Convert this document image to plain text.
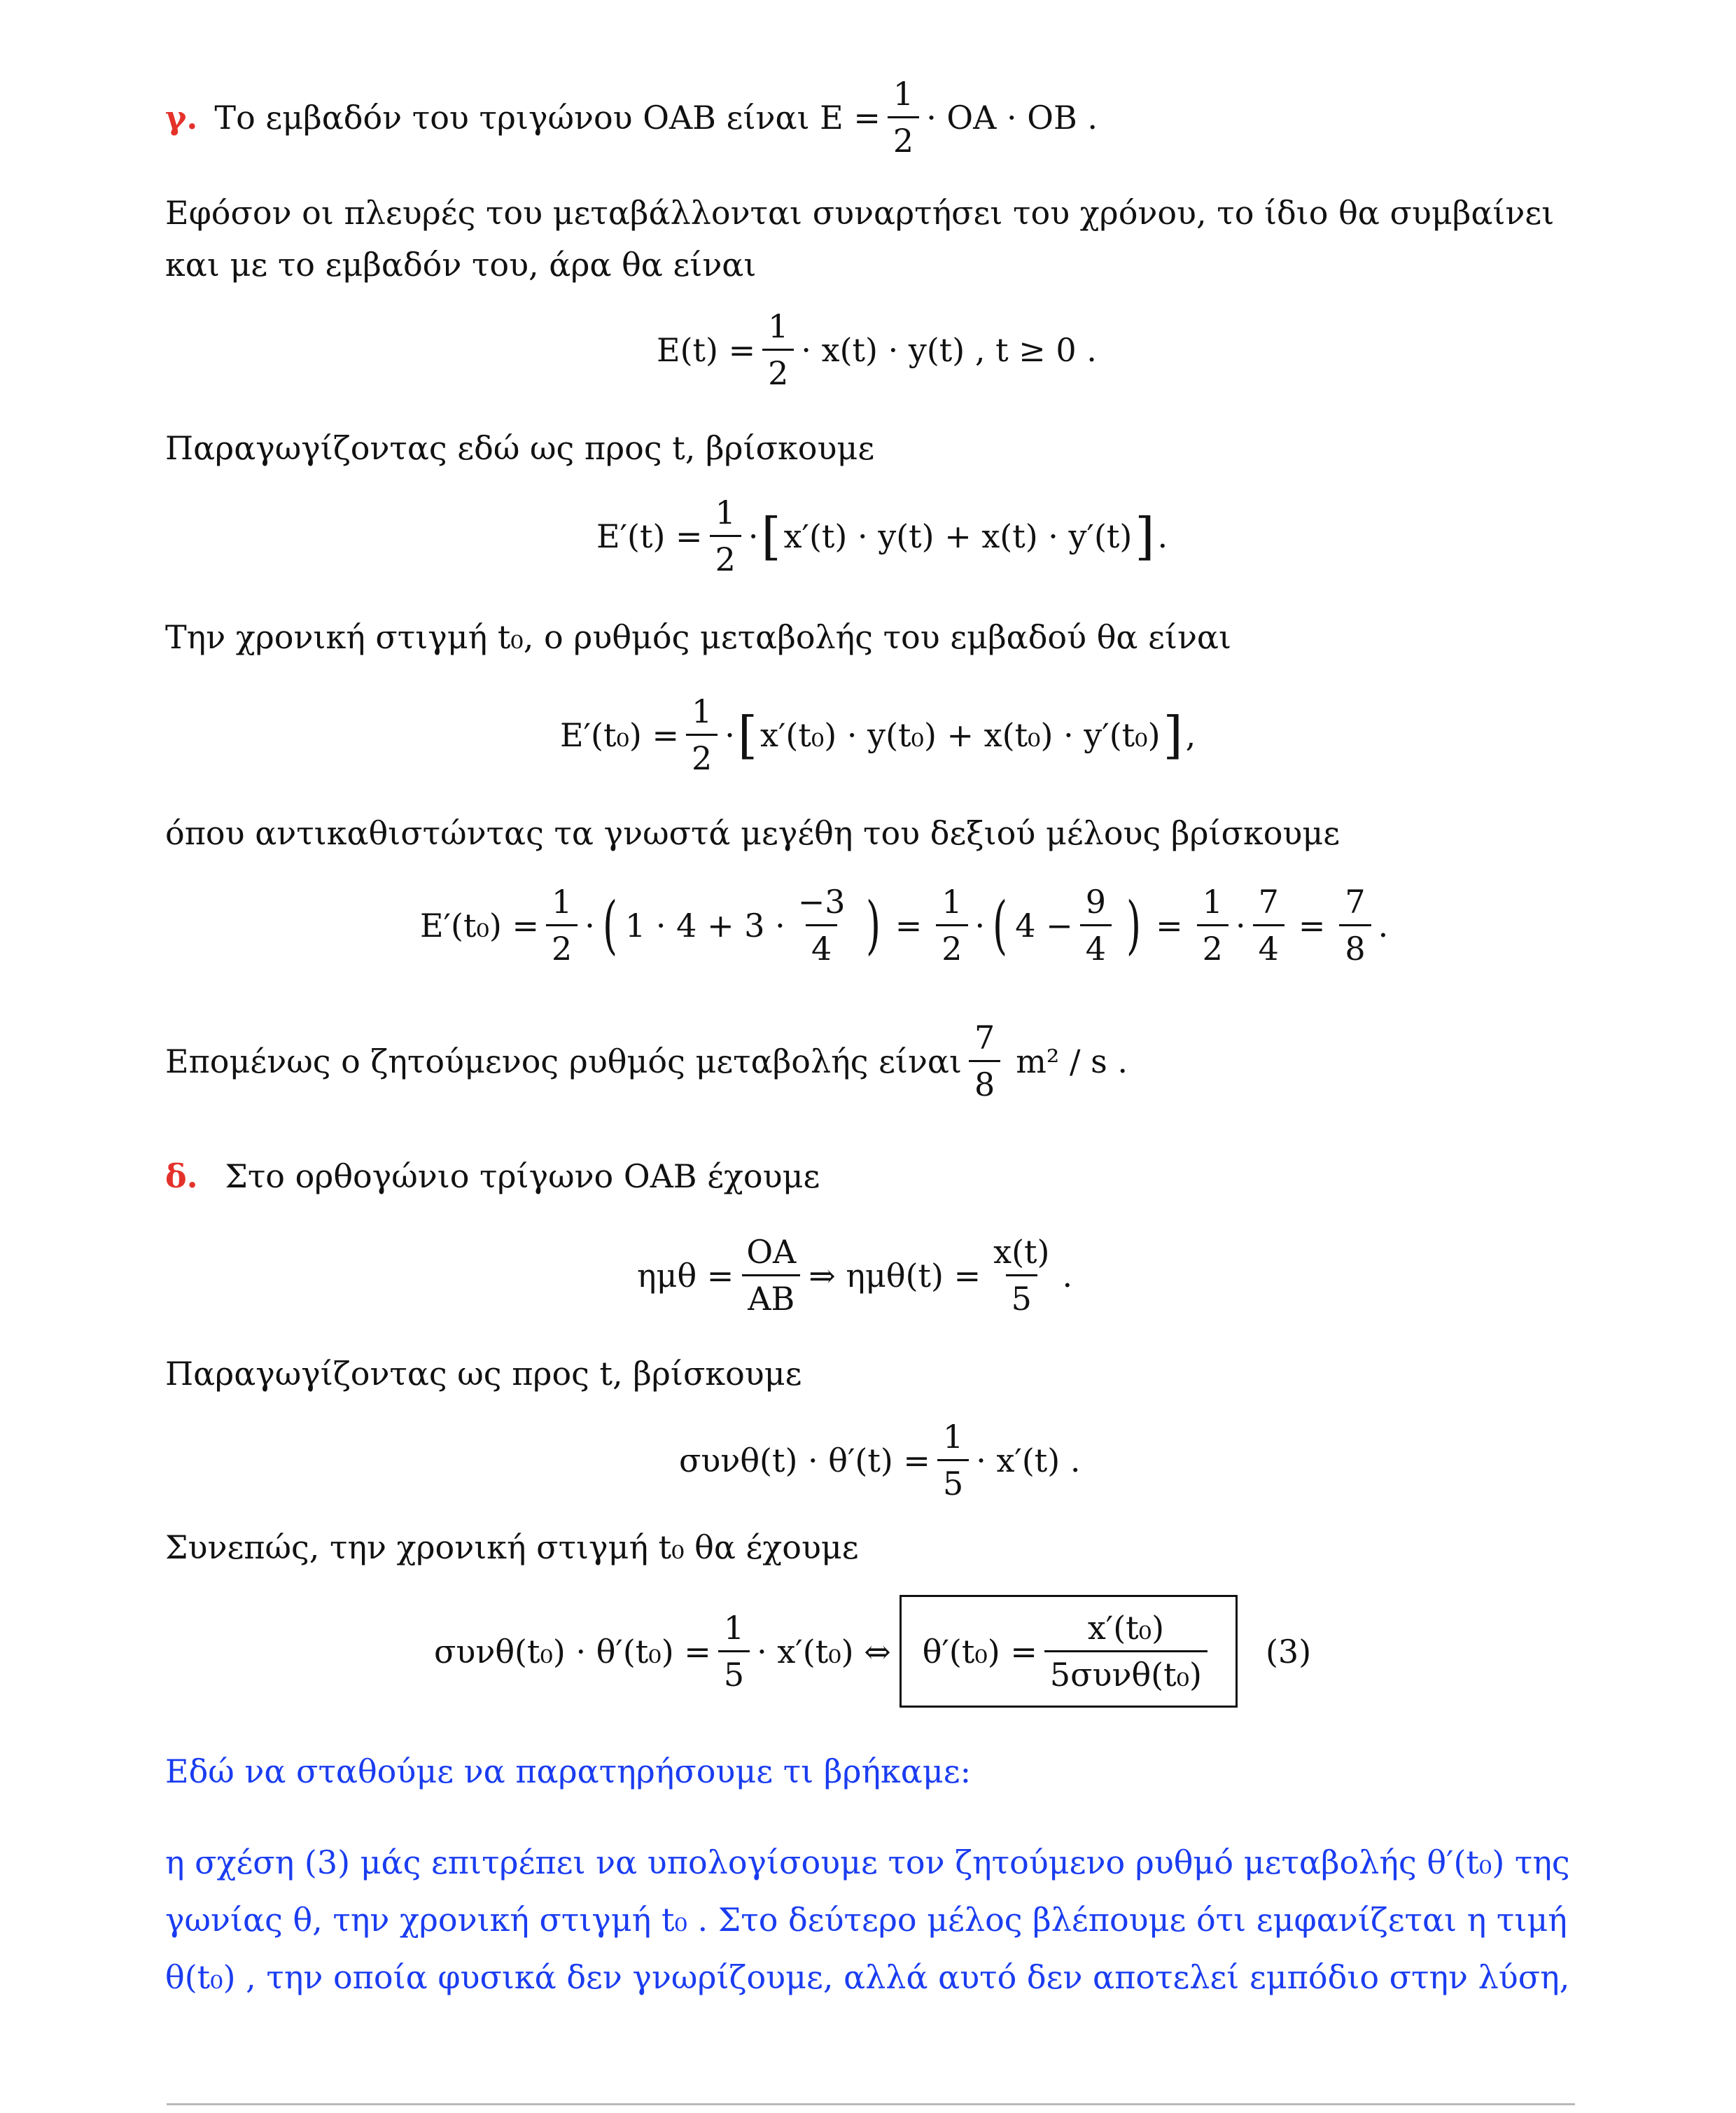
γ. Το εμβαδόν του τριγώνου ΟΑΒ είναι $E = \frac{1}{2} \cdot OA \cdot OB$ .
Εφόσον οι πλευρές του μεταβάλλονται συναρτήσει του χρόνου, το ίδιο θα συμβαίνει
και με το εμβαδόν του, άρα θα είναι
$E(t) = \frac{1}{2} \cdot x(t) \cdot y(t)$ , t ≥ 0 .
Παραγωγίζοντας εδώ ως προς t, βρίσκουμε
$E'(t) = \frac{1}{2}$ · [ x′(t) · y(t) + x(t) · y′(t) ] .
Την χρονική στιγμή t₀, ο ρυθμός μεταβολής του εμβαδού θα είναι
$E'(t_0) = \frac{1}{2}$ · [ x′(t₀) · y(t₀) + x(t₀) · y′(t₀) ] ,
όπου αντικαθιστώντας τα γνωστά μεγέθη του δεξιού μέλους βρίσκουμε
$E'(t_0) = \frac{1}{2}$ · ( $1 \cdot 4 + 3 \cdot \frac{-3}{4}$ ) = $\frac{1}{2}$ · ( $4 - \frac{9}{4}$ ) = $\frac{1}{2} \cdot \frac{7}{4} = \frac{7}{8}$ .
Επομένως ο ζητούμενος ρυθμός μεταβολής είναι $\frac{7}{8} m^2$ / s .
δ. Στο ορθογώνιο τρίγωνο ΟΑΒ έχουμε
$\eta\mu\theta = \frac{OA}{AB}$ ⇒ $\eta\mu\theta(t) = \frac{x(t)}{5}$ .
Παραγωγίζοντας ως προς t, βρίσκουμε
$\sigma\upsilon\nu\theta(t) \cdot \theta'(t) = \frac{1}{5} \cdot x'(t)$ .
Συνεπώς, την χρονική στιγμή t₀ θα έχουμε
$\sigma\upsilon\nu\theta(t_0) \cdot \theta'(t_0) = \frac{1}{5} \cdot x'(t_0)$ ⇔ $\theta'(t_0) = \frac{\text{x′(t₀)}}{\text{5συνθ(t₀)}} (3)$
Εδώ να σταθούμε να παρατηρήσουμε τι βρήκαμε:
η σχέση (3) μάς επιτρέπει να υπολογίσουμε τον ζητούμενο ρυθμό μεταβολής θ′(t₀) της
γωνίας θ, την χρονική στιγμή t₀ . Στο δεύτερο μέλος βλέπουμε ότι εμφανίζεται η τιμή
θ(t₀) , την οποία φυσικά δεν γνωρίζουμε, αλλά αυτό δεν αποτελεί εμπόδιο στην λύση,
